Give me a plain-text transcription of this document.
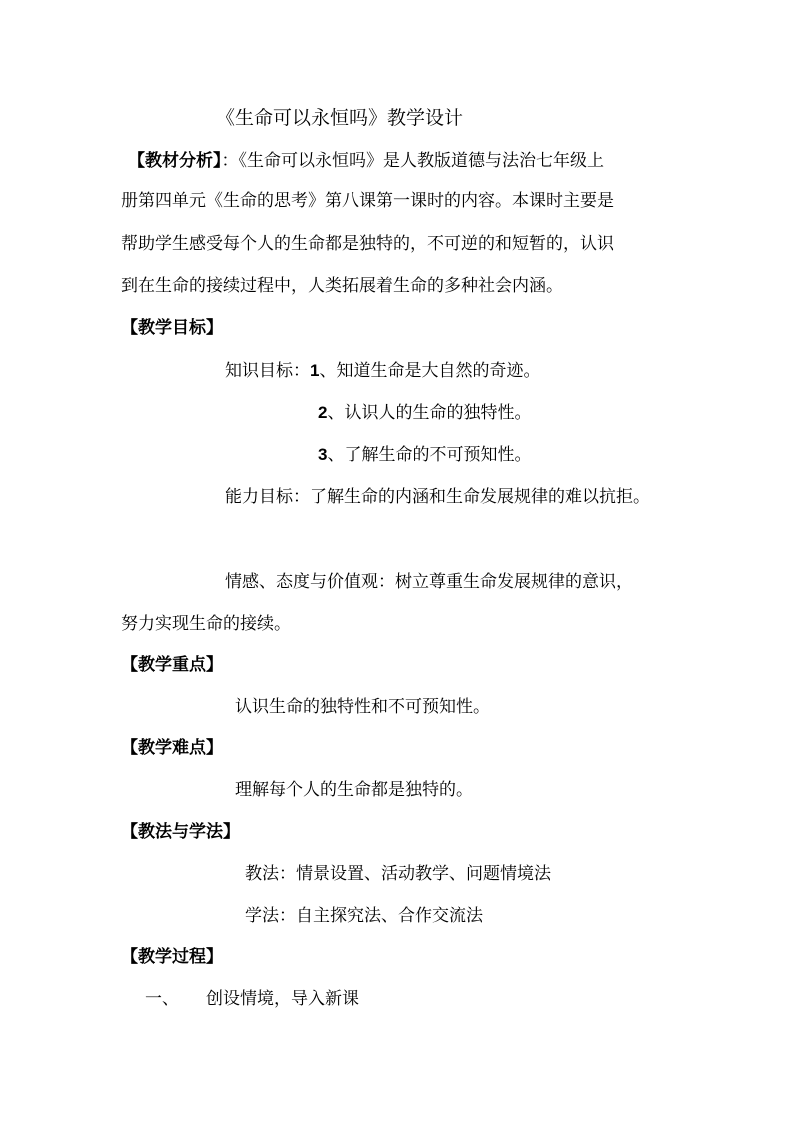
《生命可以永恒吗》教学设计
【教材分析】：《生命可以永恒吗》是人教版道德与法治七年级上
册第四单元《生命的思考》第八课第一课时的内容。本课时主要是
帮助学生感受每个人的生命都是独特的，不可逆的和短暂的，认识
到在生命的接续过程中，人类拓展着生命的多种社会内涵。
【教学目标】
知识目标：1、知道生命是大自然的奇迹。
2、认识人的生命的独特性。
3、了解生命的不可预知性。
能力目标：了解生命的内涵和生命发展规律的难以抗拒。
情感、态度与价值观：树立尊重生命发展规律的意识，
努力实现生命的接续。
【教学重点】
认识生命的独特性和不可预知性。
【教学难点】
理解每个人的生命都是独特的。
【教法与学法】
教法：情景设置、活动教学、问题情境法
学法：自主探究法、合作交流法
【教学过程】
一、 创设情境，导入新课
